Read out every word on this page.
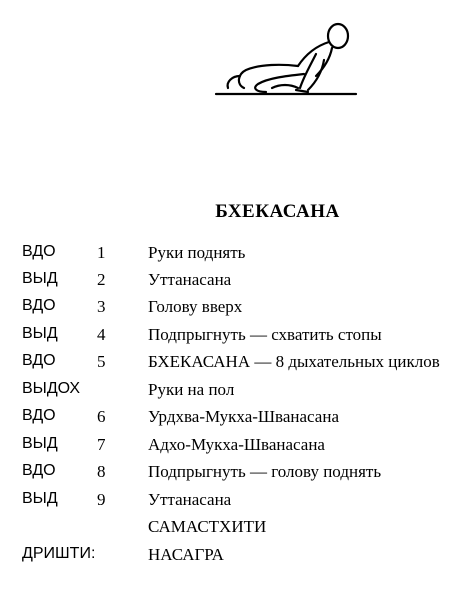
БХЕКАСАНА
ВДО 1	Руки поднять
ВЫД 2	Уттанасана
ВДО 3	Голову вверх
ВЫД 4	Подпрыгнуть — схватить стопы
ВДО 5	БХЕКАСАНА — 8 дыхательных циклов
ВЫДОХ	Руки на пол
ВДО 6	Урдхва-Мукха-Шванасана
ВЫД 7	Адхо-Мукха-Шванасана
ВДО 8	Подпрыгнуть — голову поднять
ВЫД 9	Уттанасана
САМАСТХИТИ
ДРИШТИ:	НАСАГРА
